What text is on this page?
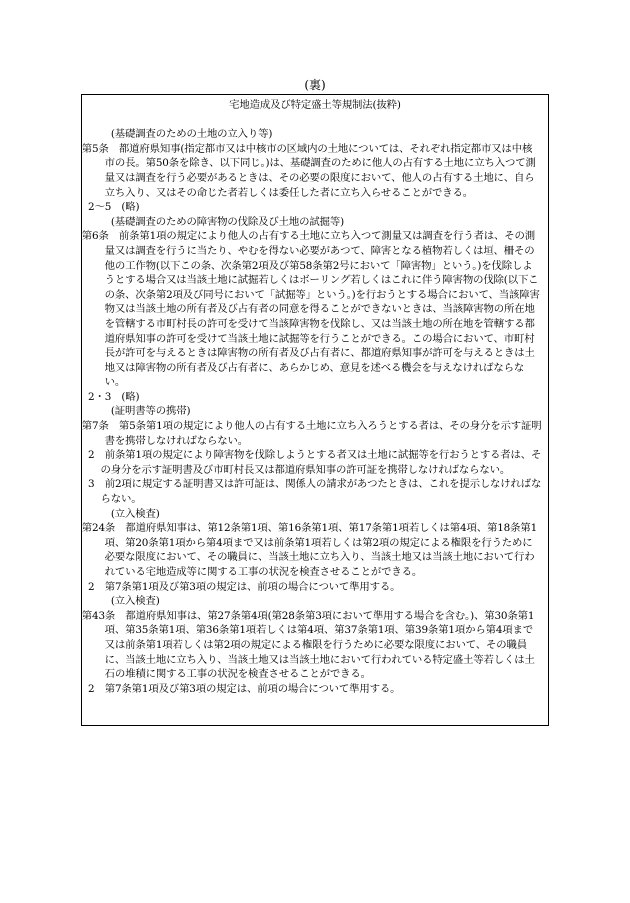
(裏)
宅地造成及び特定盛土等規制法(抜粋)
(基礎調査のための土地の立入り等)
第5条　都道府県知事(指定都市又は中核市の区域内の土地については、それぞれ指定都市又は中核市の長。第50条を除き、以下同じ。)は、基礎調査のために他人の占有する土地に立ち入つて測量又は調査を行う必要があるときは、その必要の限度において、他人の占有する土地に、自ら立ち入り、又はその命じた者若しくは委任した者に立ち入らせることができる。
2～5　(略)
(基礎調査のための障害物の伐除及び土地の試掘等)
第6条　前条第1項の規定により他人の占有する土地に立ち入つて測量又は調査を行う者は、その測量又は調査を行うに当たり、やむを得ない必要があつて、障害となる植物若しくは垣、柵その他の工作物(以下この条、次条第2項及び第58条第2号において「障害物」という。)を伐除しようとする場合又は当該土地に試掘若しくはボーリング若しくはこれに伴う障害物の伐除(以下この条、次条第2項及び同号において「試掘等」という。)を行おうとする場合において、当該障害物又は当該土地の所有者及び占有者の同意を得ることができないときは、当該障害物の所在地を管轄する市町村長の許可を受けて当該障害物を伐除し、又は当該土地の所在地を管轄する都道府県知事の許可を受けて当該土地に試掘等を行うことができる。この場合において、市町村長が許可を与えるときは障害物の所有者及び占有者に、都道府県知事が許可を与えるときは土地又は障害物の所有者及び占有者に、あらかじめ、意見を述べる機会を与えなければならない。
2・3　(略)
(証明書等の携帯)
第7条　第5条第1項の規定により他人の占有する土地に立ち入ろうとする者は、その身分を示す証明書を携帯しなければならない。
2　前条第1項の規定により障害物を伐除しようとする者又は土地に試掘等を行おうとする者は、その身分を示す証明書及び市町村長又は都道府県知事の許可証を携帯しなければならない。
3　前2項に規定する証明書又は許可証は、関係人の請求があつたときは、これを提示しなければならない。
(立入検査)
第24条　都道府県知事は、第12条第1項、第16条第1項、第17条第1項若しくは第4項、第18条第1項、第20条第1項から第4項まで又は前条第1項若しくは第2項の規定による権限を行うために必要な限度において、その職員に、当該土地に立ち入り、当該土地又は当該土地において行われている宅地造成等に関する工事の状況を検査させることができる。
2　第7条第1項及び第3項の規定は、前項の場合について準用する。
(立入検査)
第43条　都道府県知事は、第27条第4項(第28条第3項において準用する場合を含む。)、第30条第1項、第35条第1項、第36条第1項若しくは第4項、第37条第1項、第39条第1項から第4項まで又は前条第1項若しくは第2項の規定による権限を行うために必要な限度において、その職員に、当該土地に立ち入り、当該土地又は当該土地において行われている特定盛土等若しくは土石の堆積に関する工事の状況を検査させることができる。
2　第7条第1項及び第3項の規定は、前項の場合について準用する。
